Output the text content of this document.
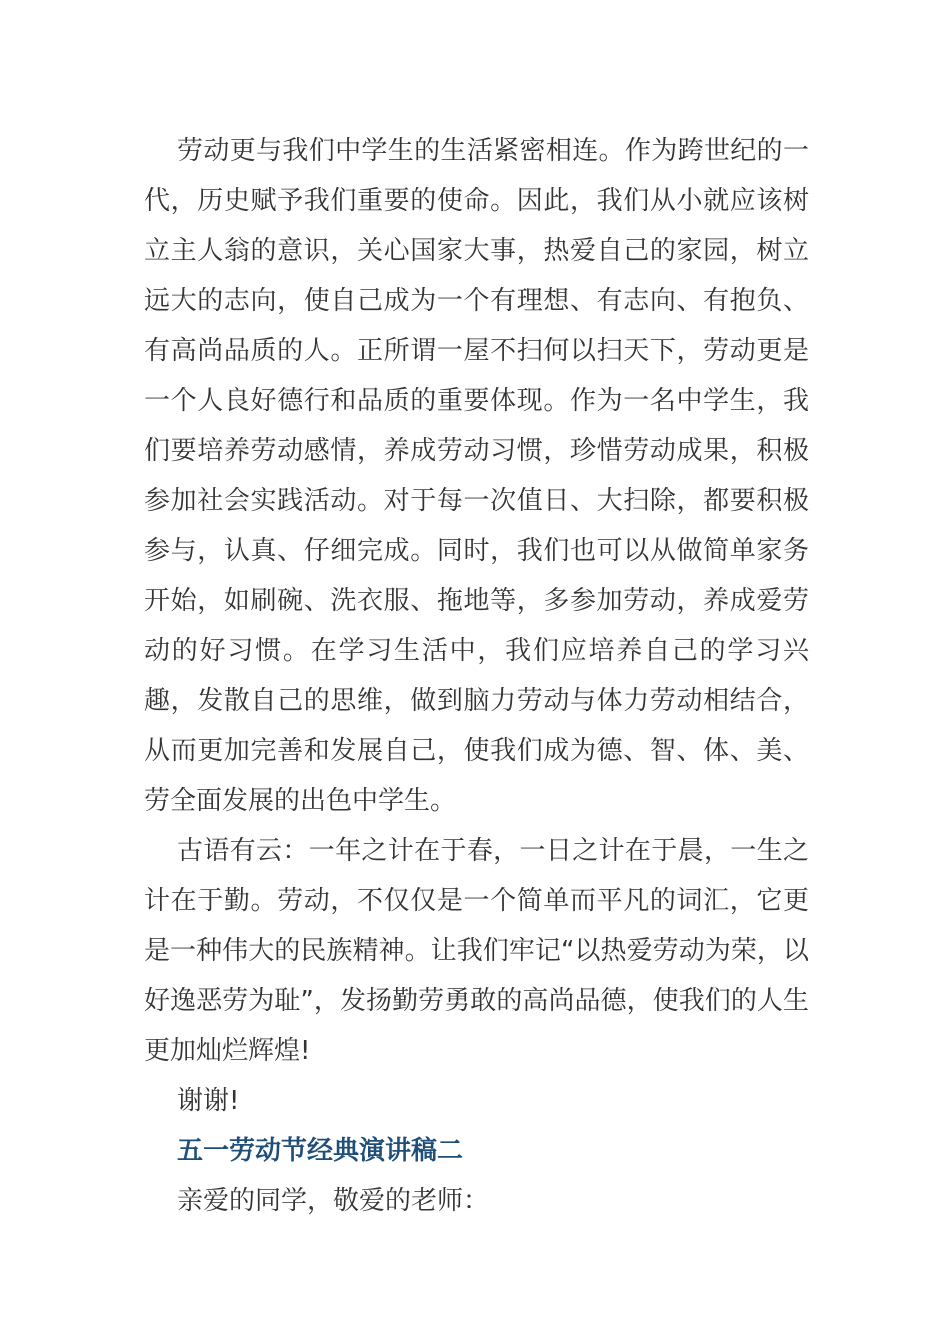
劳动更与我们中学生的生活紧密相连。作为跨世纪的一代，历史赋予我们重要的使命。因此，我们从小就应该树立主人翁的意识，关心国家大事，热爱自己的家园，树立远大的志向，使自己成为一个有理想、有志向、有抱负、有高尚品质的人。正所谓一屋不扫何以扫天下，劳动更是一个人良好德行和品质的重要体现。作为一名中学生，我们要培养劳动感情，养成劳动习惯，珍惜劳动成果，积极参加社会实践活动。对于每一次值日、大扫除，都要积极参与，认真、仔细完成。同时，我们也可以从做简单家务开始，如刷碗、洗衣服、拖地等，多参加劳动，养成爱劳动的好习惯。在学习生活中，我们应培养自己的学习兴趣，发散自己的思维，做到脑力劳动与体力劳动相结合，从而更加完善和发展自己，使我们成为德、智、体、美、劳全面发展的出色中学生。

古语有云：一年之计在于春，一日之计在于晨，一生之计在于勤。劳动，不仅仅是一个简单而平凡的词汇，它更是一种伟大的民族精神。让我们牢记“以热爱劳动为荣，以好逸恶劳为耻”，发扬勤劳勇敢的高尚品德，使我们的人生更加灿烂辉煌!

谢谢!

五一劳动节经典演讲稿二

亲爱的同学，敬爱的老师：
